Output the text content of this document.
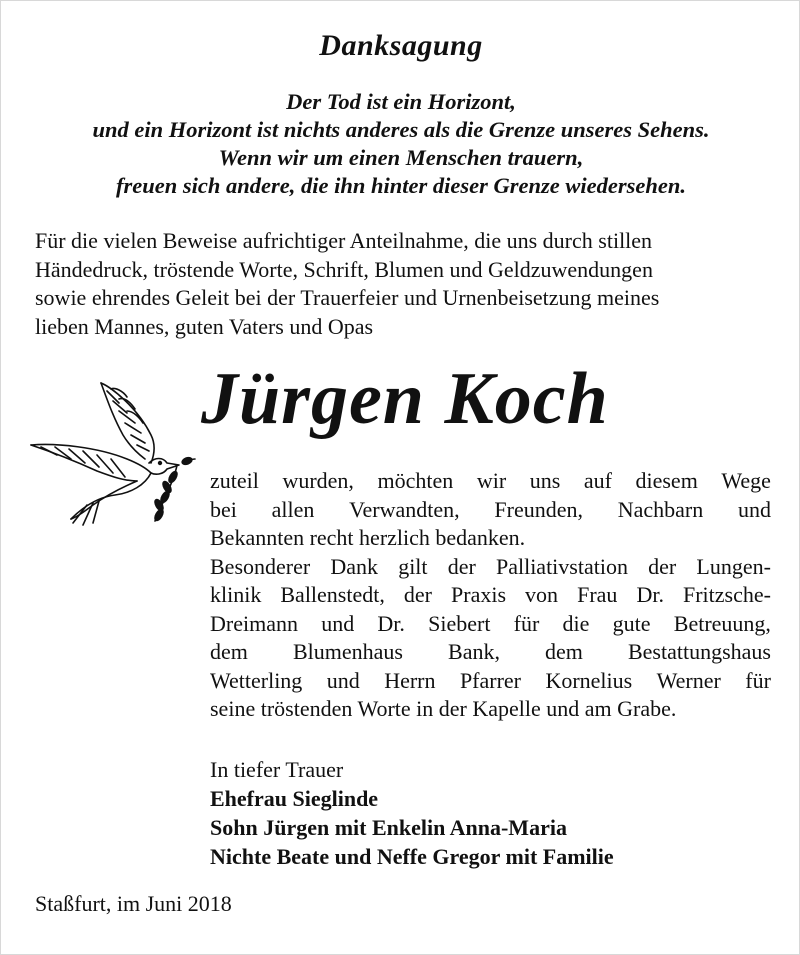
Danksagung
Der Tod ist ein Horizont,
und ein Horizont ist nichts anderes als die Grenze unseres Sehens.
Wenn wir um einen Menschen trauern,
freuen sich andere, die ihn hinter dieser Grenze wiedersehen.
Für die vielen Beweise aufrichtiger Anteilnahme, die uns durch stillen
Händedruck, tröstende Worte, Schrift, Blumen und Geldzuwendungen
sowie ehrendes Geleit bei der Trauerfeier und Urnenbeisetzung meines
lieben Mannes, guten Vaters und Opas
Jürgen Koch
zuteil wurden, möchten wir uns auf diesem Wege
bei allen Verwandten, Freunden, Nachbarn und
Bekannten recht herzlich bedanken.
Besonderer Dank gilt der Palliativstation der Lungen-
klinik Ballenstedt, der Praxis von Frau Dr. Fritzsche-
Dreimann und Dr. Siebert für die gute Betreuung,
dem Blumenhaus Bank, dem Bestattungshaus
Wetterling und Herrn Pfarrer Kornelius Werner für
seine tröstenden Worte in der Kapelle und am Grabe.
In tiefer Trauer
Ehefrau Sieglinde
Sohn Jürgen mit Enkelin Anna-Maria
Nichte Beate und Neffe Gregor mit Familie
Staßfurt, im Juni 2018
